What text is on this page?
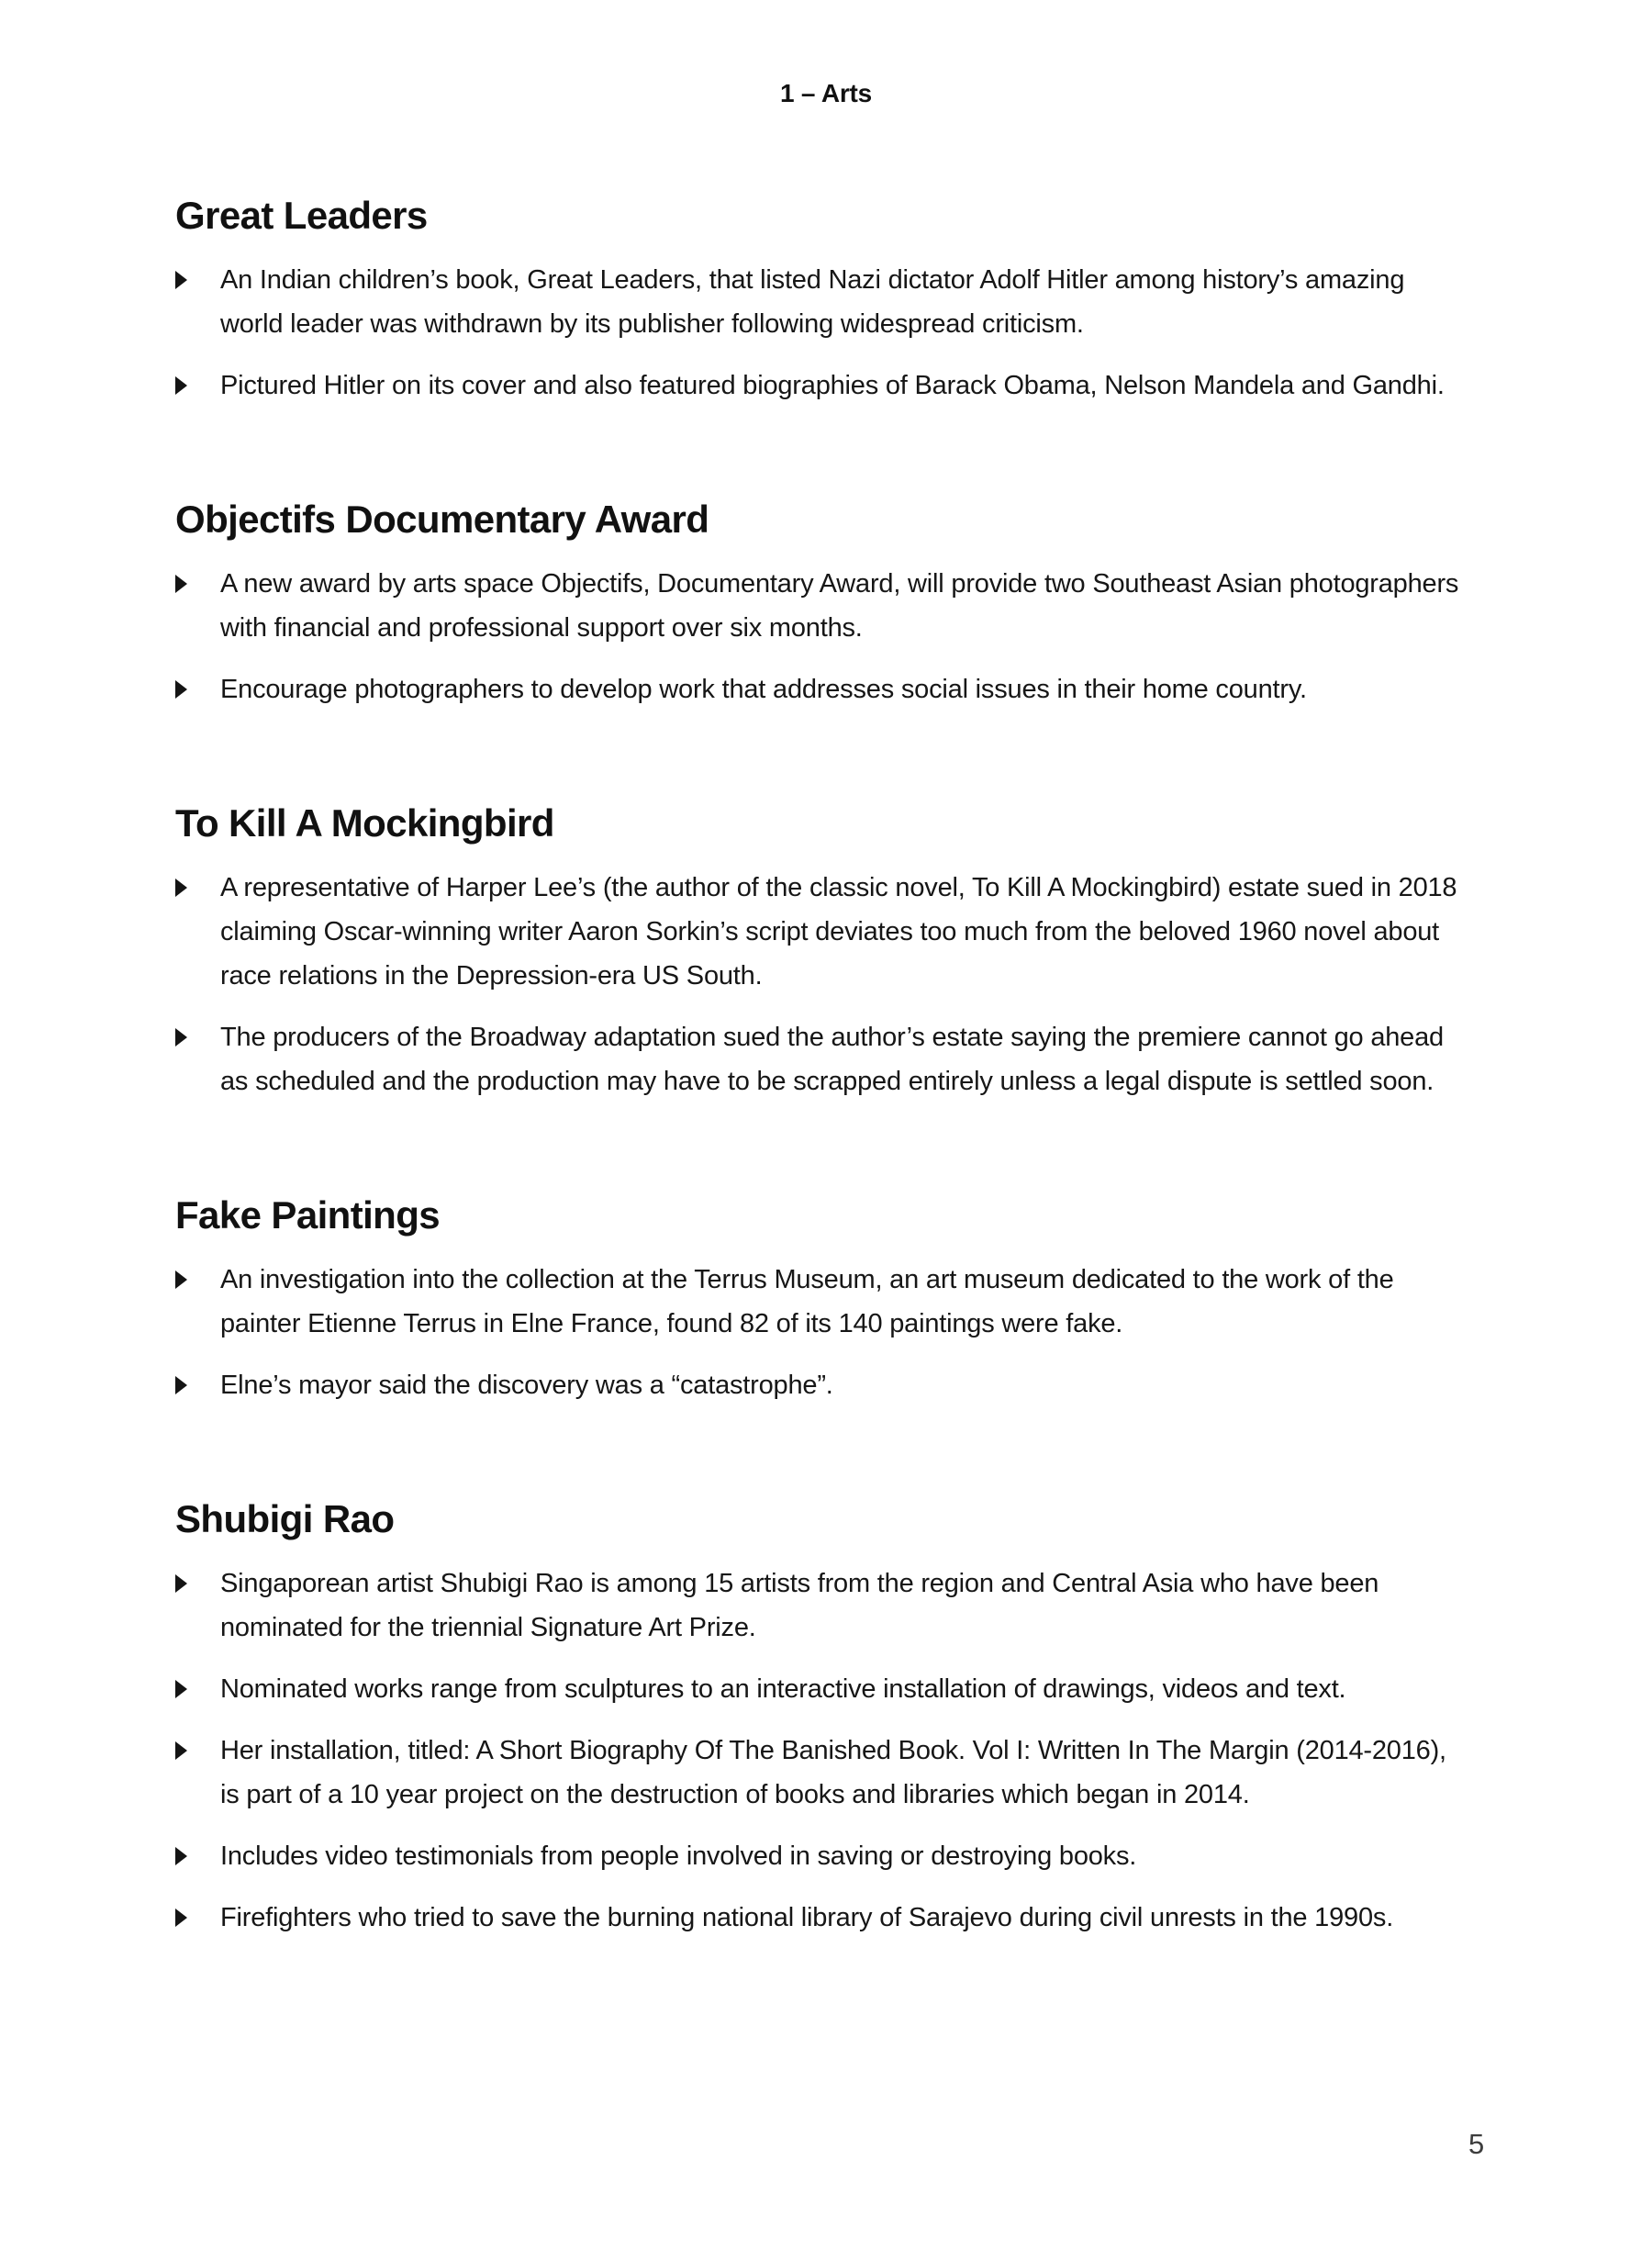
1 – Arts
Great Leaders

An Indian children’s book, Great Leaders, that listed Nazi dictator Adolf Hitler among history’s amazing world leader was withdrawn by its publisher following widespread criticism.

Pictured Hitler on its cover and also featured biographies of Barack Obama, Nelson Mandela and Gandhi.

Objectifs Documentary Award

A new award by arts space Objectifs, Documentary Award, will provide two Southeast Asian photographers with financial and professional support over six months.

Encourage photographers to develop work that addresses social issues in their home country.

To Kill A Mockingbird

A representative of Harper Lee’s (the author of the classic novel, To Kill A Mockingbird) estate sued in 2018 claiming Oscar-winning writer Aaron Sorkin’s script deviates too much from the beloved 1960 novel about race relations in the Depression-era US South.

The producers of the Broadway adaptation sued the author’s estate saying the premiere cannot go ahead as scheduled and the production may have to be scrapped entirely unless a legal dispute is settled soon.

Fake Paintings

An investigation into the collection at the Terrus Museum, an art museum dedicated to the work of the painter Etienne Terrus in Elne France, found 82 of its 140 paintings were fake.

Elne’s mayor said the discovery was a “catastrophe”.

Shubigi Rao

Singaporean artist Shubigi Rao is among 15 artists from the region and Central Asia who have been nominated for the triennial Signature Art Prize.

Nominated works range from sculptures to an interactive installation of drawings, videos and text.

Her installation, titled: A Short Biography Of The Banished Book. Vol I: Written In The Margin (2014-2016), is part of a 10 year project on the destruction of books and libraries which began in 2014.

Includes video testimonials from people involved in saving or destroying books.

Firefighters who tried to save the burning national library of Sarajevo during civil unrests in the 1990s.

5
